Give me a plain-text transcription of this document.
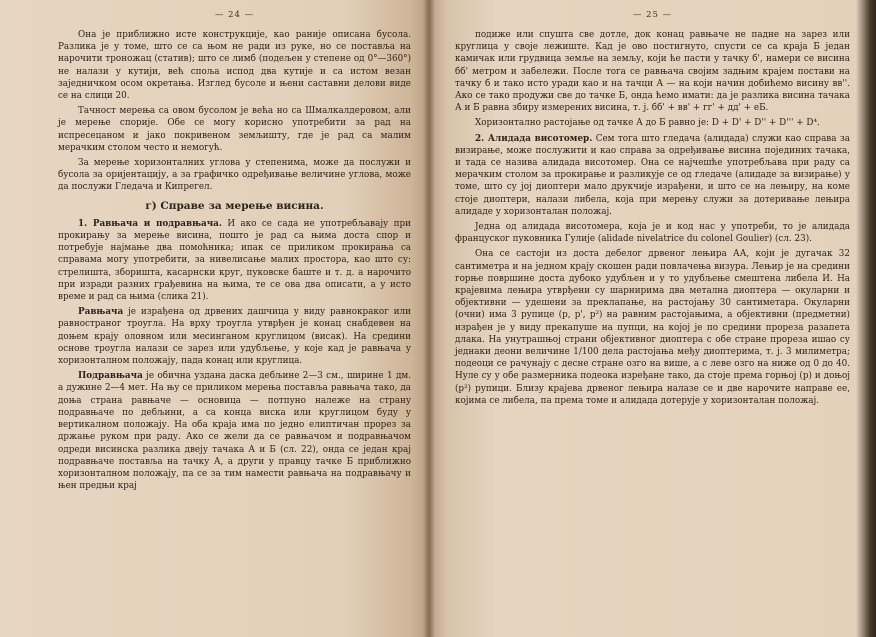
— 24 —

Она је приближно исте конструкције, као раније описана бусола. Разлика је у томе, што се са њом не ради из руке, но се поставља на нарочити троножац (статив); што се лимб (подељен у степене од 0°—360°) не налази у кутији, већ споља испод два кутије и са истом везан заједничком осом окретања. Изглед бусоле и њени саставни делови виде се на слици 20.

Тачност мерења са овом бусолом је већа но са Шмалкалдеровом, али је мерење спорије. Обе се могу корисно употребити за рад на испресецаном и јако покривеном земљишту, где је рад са малим мерачким столом често и немогућ.

За мерење хоризонталних углова у степенима, може да послужи и бусола за оријентацију, а за графичко одређивање величине углова, може да послужи Гледача и Кипрегел.

г) Справе за мерење висина.

1. Равњача и подравњача. И ако се сада не употребљавају при прокирању за мерење висина, пошто је рад са њима доста спор и потребује најмање два помоћника; ипак се приликом прокирања са справама могу употребити, за нивелисање малих простора, као што су: стрелишта, зборишта, касарнски круг, пуковске баште и т. д. а нарочито при изради разних грађевина на њима, те се ова два описати, а у исто време и рад са њима (слика 21).

Равњача је израђена од дрвених дашчица у виду равнокраког или равностраног троугла. На врху троугла утврђен је конац снабдевен на доњем крају оловном или месинганом круглицом (висак). На средини основе троугла налази се зарез или удубљење, у које кад је равњача у хоризонталном положају, пада конац или круглица.

Подравњача је обична уздана даска дебљине 2—3 см., ширине 1 дм. а дужине 2—4 мет. На њу се приликом мерења поставља равњача тако, да доња страна равњаче — основица — потпуно належе на страну подравњаче по дебљини, а са конца виска или круглицом буду у вертикалном положају. На оба краја има по једно елиптичан прорез за држање руком при раду. Ако се жели да се равњачом и подравњачом одреди висинска разлика двеју тачака А и Б (сл. 22), онда се један крај подравњаче поставља на тачку А, а други у правцу тачке Б приближно хоризонталном положају, па се за тим намести равњача на подравњачу и њен предњи крај

— 25 —

подиже или спушта све дотле, док конац равњаче не падне на зарез или круглица у своје лежиште. Кад је ово постигнуто, спусти се са краја Б један камичак или грудвица земље на земљу, који ће пасти у тачку б', намери се висина бб' метром и забележи. После тога се равњача својим задњим крајем постави на тачку б и тако исто уради као и на тачци А — на који начин добићемо висину вв''. Ако се тако продужи све до тачке Б, онда ћемо имати: да је разлика висина тачака А и Б равна збиру измерених висина, т. ј. бб' + вв' + гг' + дд' + еБ.

Хоризонтално растојање од тачке А до Б равно је: D + D' + D'' + D''' + D⁴.

2. Алидада висотомер. Сем тога што гледача (алидада) служи као справа за визирање, може послужити и као справа за одређивање висина појединих тачака, и тада се назива алидада висотомер. Она се најчешће употребљава при раду са мерачким столом за прокирање и разликује се од гледаче (алидаде за визирање) у томе, што су јој диоптери мало друкчије израђени, и што се на лењиру, на коме стоје диоптери, налази либела, која при мерењу служи за дотеривање лењира алидаде у хоризонталан положај.

Једна од алидада висотомера, која је и код нас у употреби, то је алидада француског пуковника Гулије (alidade nivelatrice du colonel Goulier) (сл. 23).

Она се састоји из доста дебелог дрвеног лењира АА, који је дугачак 32 сантиметра и на једном крају скошен ради повлачења визура. Лењир је на средини горње површине доста дубоко удубљен и у то удубљење смештена либела И. На крајевима лењира утврђени су шарнирима два метална диоптера — окуларни и објективни — удешени за преклапање, на растојању 30 сантиметара. Окуларни (очни) има 3 рупице (р, р', р²) на равним растојањима, а објективни (предметни) израђен је у виду прекапуше на пупци, на којој је по средини прореза разапета длака. На унутрашњој страни објективног диоптера с обе стране прореза ишао су једнаки деони величине 1/100 дела растојања међу диоптерима, т. ј. 3 милиметра; подеоци се рачунају с десне стране озго на више, а с леве озго на ниже од 0 до 40. Нуле су у обе размерника подеока изређане тако, да стоје према горњој (р) и доњој (р²) рупици. Близу крајева дрвеног лењира налазе се и две нарочите направе ее, којима се либела, па према томе и алидада дотерује у хоризонталан положај.
